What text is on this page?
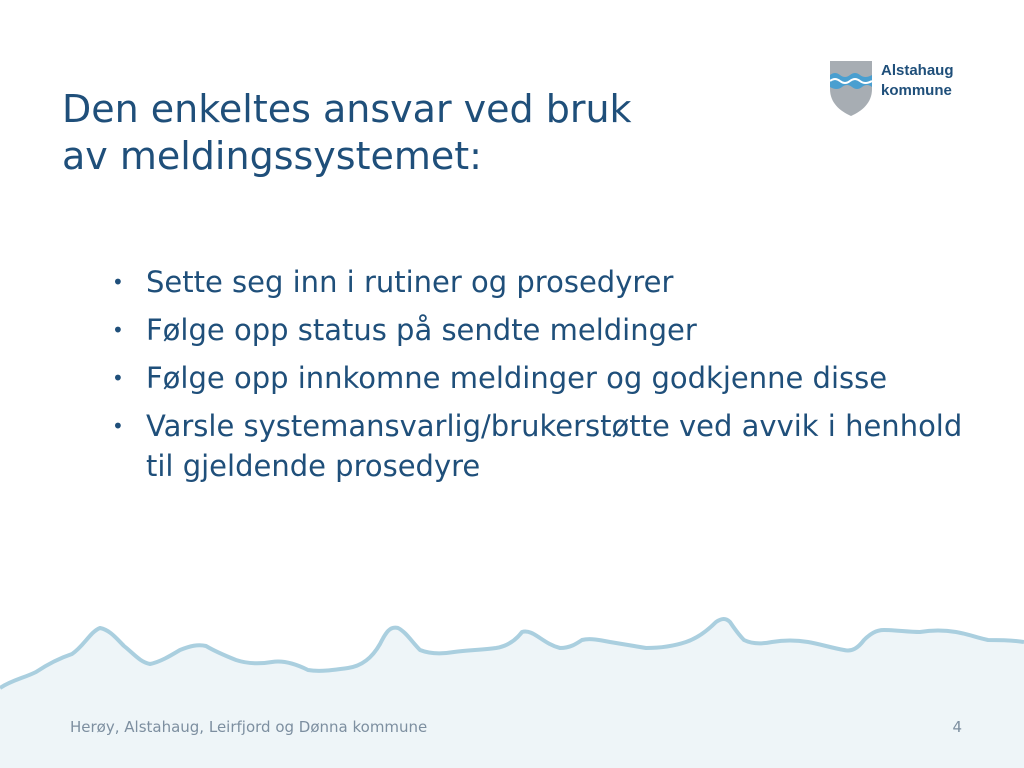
Den enkeltes ansvar ved bruk
av meldingssystemet:
Alstahaug
kommune
• Sette seg inn i rutiner og prosedyrer
• Følge opp status på sendte meldinger
• Følge opp innkomne meldinger og godkjenne disse
• Varsle systemansvarlig/brukerstøtte ved avvik i henhold til gjeldende prosedyre
Herøy, Alstahaug, Leirfjord og Dønna kommune	4
